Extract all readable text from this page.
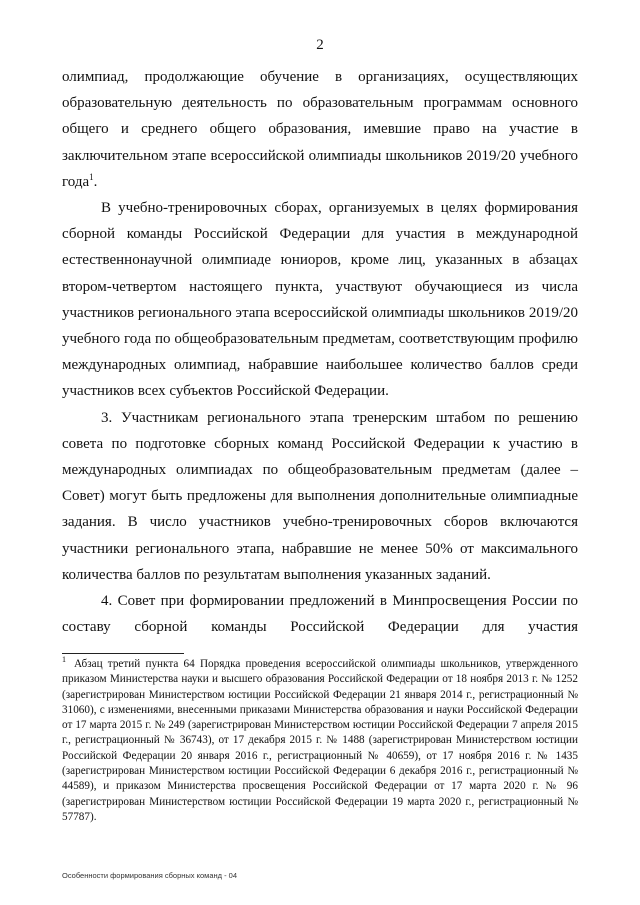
2

олимпиад, продолжающие обучение в организациях, осуществляющих образовательную деятельность по образовательным программам основного общего и среднего общего образования, имевшие право на участие в заключительном этапе всероссийской олимпиады школьников 2019/20 учебного года$^1$.

В учебно-тренировочных сборах, организуемых в целях формирования сборной команды Российской Федерации для участия в международной естественнонаучной олимпиаде юниоров, кроме лиц, указанных в абзацах втором-четвертом настоящего пункта, участвуют обучающиеся из числа участников регионального этапа всероссийской олимпиады школьников 2019/20 учебного года по общеобразовательным предметам, соответствующим профилю международных олимпиад, набравшие наибольшее количество баллов среди участников всех субъектов Российской Федерации.

3. Участникам регионального этапа тренерским штабом по решению совета по подготовке сборных команд Российской Федерации к участию в международных олимпиадах по общеобразовательным предметам (далее – Совет) могут быть предложены для выполнения дополнительные олимпиадные задания. В число участников учебно-тренировочных сборов включаются участники регионального этапа, набравшие не менее 50% от максимального количества баллов по результатам выполнения указанных заданий.

4. Совет при формировании предложений в Минпросвещения России по составу сборной команды Российской Федерации для участия

$^1$ Абзац третий пункта 64 Порядка проведения всероссийской олимпиады школьников, утвержденного приказом Министерства науки и высшего образования Российской Федерации от 18 ноября 2013 г. № 1252 (зарегистрирован Министерством юстиции Российской Федерации 21 января 2014 г., регистрационный № 31060), с изменениями, внесенными приказами Министерства образования и науки Российской Федерации от 17 марта 2015 г. № 249 (зарегистрирован Министерством юстиции Российской Федерации 7 апреля 2015 г., регистрационный № 36743), от 17 декабря 2015 г. № 1488 (зарегистрирован Министерством юстиции Российской Федерации 20 января 2016 г., регистрационный № 40659), от 17 ноября 2016 г. № 1435 (зарегистрирован Министерством юстиции Российской Федерации 6 декабря 2016 г., регистрационный № 44589), и приказом Министерства просвещения Российской Федерации от 17 марта 2020 г. № 96 (зарегистрирован Министерством юстиции Российской Федерации 19 марта 2020 г., регистрационный № 57787).
Особенности формирования сборных команд - 04
